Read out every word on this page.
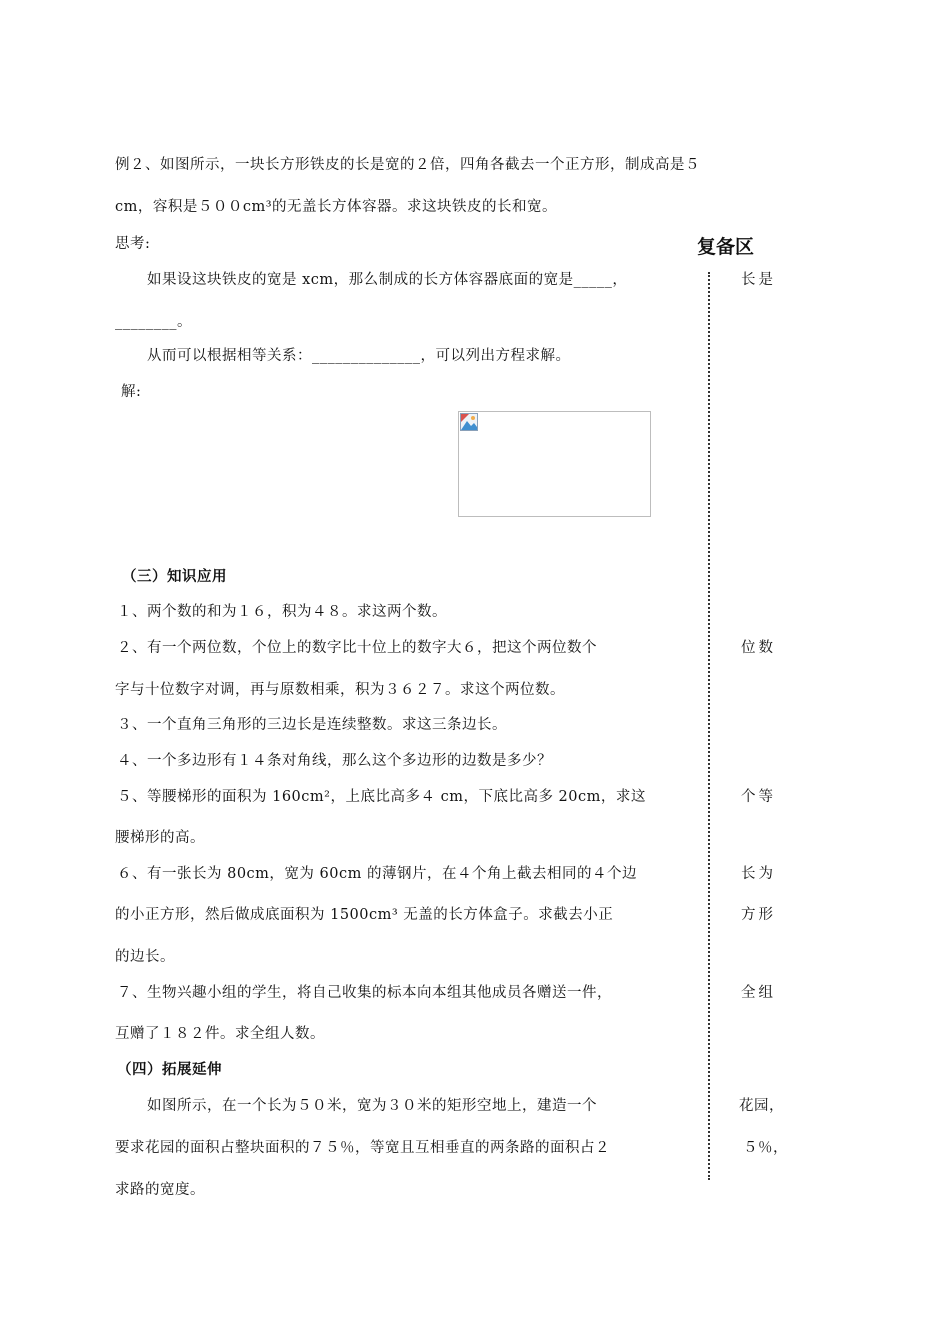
例２、如图所示，一块长方形铁皮的长是宽的２倍，四角各截去一个正方形，制成高是５
cm，容积是５００cm³的无盖长方体容器。求这块铁皮的长和宽。
思考:
如果设这块铁皮的宽是 xcm，那么制成的长方体容器底面的宽是_____，
________。
从而可以根据相等关系：______________，可以列出方程求解。
解:
（三）知识应用
１、两个数的和为１６，积为４８。求这两个数。
２、有一个两位数，个位上的数字比十位上的数字大６，把这个两位数个
字与十位数字对调，再与原数相乘，积为３６２７。求这个两位数。
３、一个直角三角形的三边长是连续整数。求这三条边长。
４、一个多边形有１４条对角线，那么这个多边形的边数是多少？
５、等腰梯形的面积为 160cm²，上底比高多４ cm，下底比高多 20cm，求这
腰梯形的高。
６、有一张长为 80cm，宽为 60cm 的薄钢片，在４个角上截去相同的４个边
的小正方形，然后做成底面积为 1500cm³ 无盖的长方体盒子。求截去小正
的边长。
７、生物兴趣小组的学生，将自己收集的标本向本组其他成员各赠送一件，
互赠了１８２件。求全组人数。
（四）拓展延伸
如图所示，在一个长为５０米，宽为３０米的矩形空地上，建造一个
要求花园的面积占整块面积的７５％，等宽且互相垂直的两条路的面积占２
求路的宽度。
复备区
长是
位数
个等
长为
方形
全组
花园，
５％，
